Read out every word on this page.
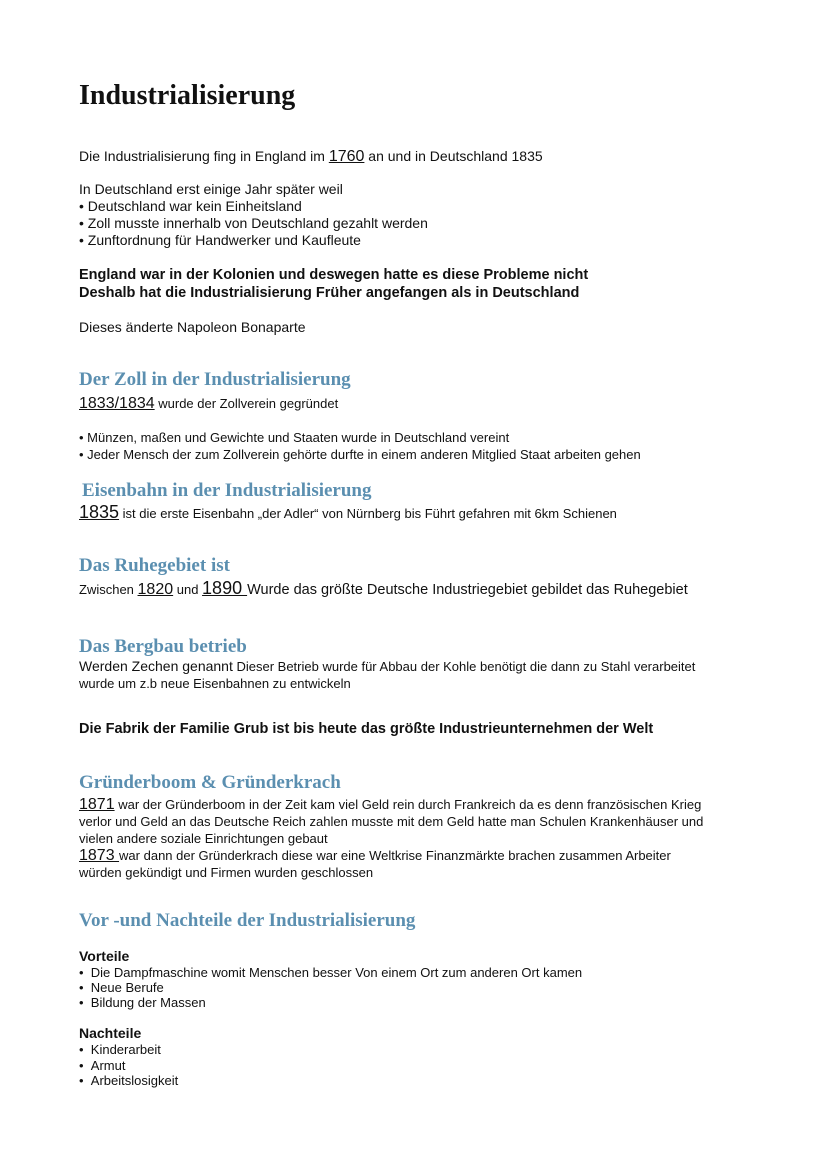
Industrialisierung
Die Industrialisierung fing in England im 1760 an und in Deutschland 1835
In Deutschland erst einige Jahr später weil
• Deutschland war kein Einheitsland
• Zoll musste innerhalb von Deutschland gezahlt werden
• Zunftordnung für Handwerker und Kaufleute
England war in der Kolonien und deswegen hatte es diese Probleme nicht
Deshalb hat die Industrialisierung Früher angefangen als in Deutschland
Dieses änderte Napoleon Bonaparte
Der Zoll in der Industrialisierung
1833/1834 wurde der Zollverein gegründet
• Münzen, maßen und Gewichte und Staaten wurde in Deutschland vereint
• Jeder Mensch der zum Zollverein gehörte durfte in einem anderen Mitglied Staat arbeiten gehen
Eisenbahn in der Industrialisierung
1835 ist die erste Eisenbahn „der Adler“ von Nürnberg bis Führt gefahren mit 6km Schienen
Das Ruhegebiet ist
Zwischen 1820 und 1890 Wurde das größte Deutsche Industriegebiet gebildet das Ruhegebiet
Das Bergbau betrieb
Werden Zechen genannt Dieser Betrieb wurde für Abbau der Kohle benötigt die dann zu Stahl verarbeitet
wurde um z.b neue Eisenbahnen zu entwickeln
Die Fabrik der Familie Grub ist bis heute das größte Industrieunternehmen der Welt
Gründerboom & Gründerkrach
1871 war der Gründerboom in der Zeit kam viel Geld rein durch Frankreich da es denn französischen Krieg
verlor und Geld an das Deutsche Reich zahlen musste mit dem Geld hatte man Schulen Krankenhäuser und
vielen andere soziale Einrichtungen gebaut
1873 war dann der Gründerkrach diese war eine Weltkrise Finanzmärkte brachen zusammen Arbeiter
würden gekündigt und Firmen wurden geschlossen
Vor -und Nachteile der Industrialisierung
Vorteile
•  Die Dampfmaschine womit Menschen besser Von einem Ort zum anderen Ort kamen
•  Neue Berufe
•  Bildung der Massen
Nachteile
•  Kinderarbeit
•  Armut
•  Arbeitslosigkeit
